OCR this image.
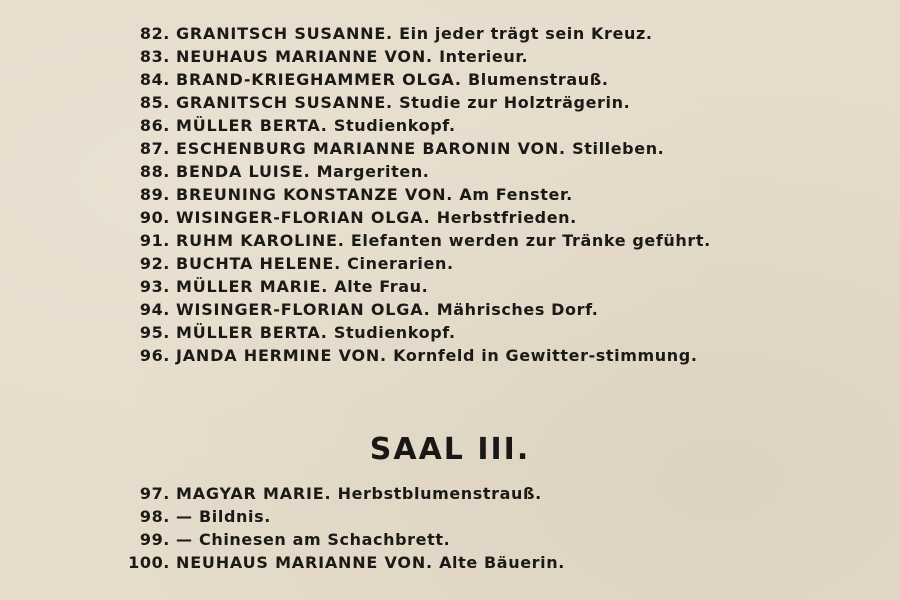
82. GRANITSCH SUSANNE. Ein jeder trägt sein Kreuz.
83. NEUHAUS MARIANNE VON. Interieur.
84. BRAND-KRIEGHAMMER OLGA. Blumenstrauß.
85. GRANITSCH SUSANNE. Studie zur Holzträgerin.
86. MÜLLER BERTA. Studienkopf.
87. ESCHENBURG MARIANNE BARONIN VON. Stilleben.
88. BENDA LUISE. Margeriten.
89. BREUNING KONSTANZE VON. Am Fenster.
90. WISINGER-FLORIAN OLGA. Herbstfrieden.
91. RUHM KAROLINE. Elefanten werden zur Tränke geführt.
92. BUCHTA HELENE. Cinerarien.
93. MÜLLER MARIE. Alte Frau.
94. WISINGER-FLORIAN OLGA. Mährisches Dorf.
95. MÜLLER BERTA. Studienkopf.
96. JANDA HERMINE VON. Kornfeld in Gewitter-stimmung.
SAAL III.
97. MAGYAR MARIE. Herbstblumenstrauß.
98. — Bildnis.
99. — Chinesen am Schachbrett.
100. NEUHAUS MARIANNE VON. Alte Bäuerin.
